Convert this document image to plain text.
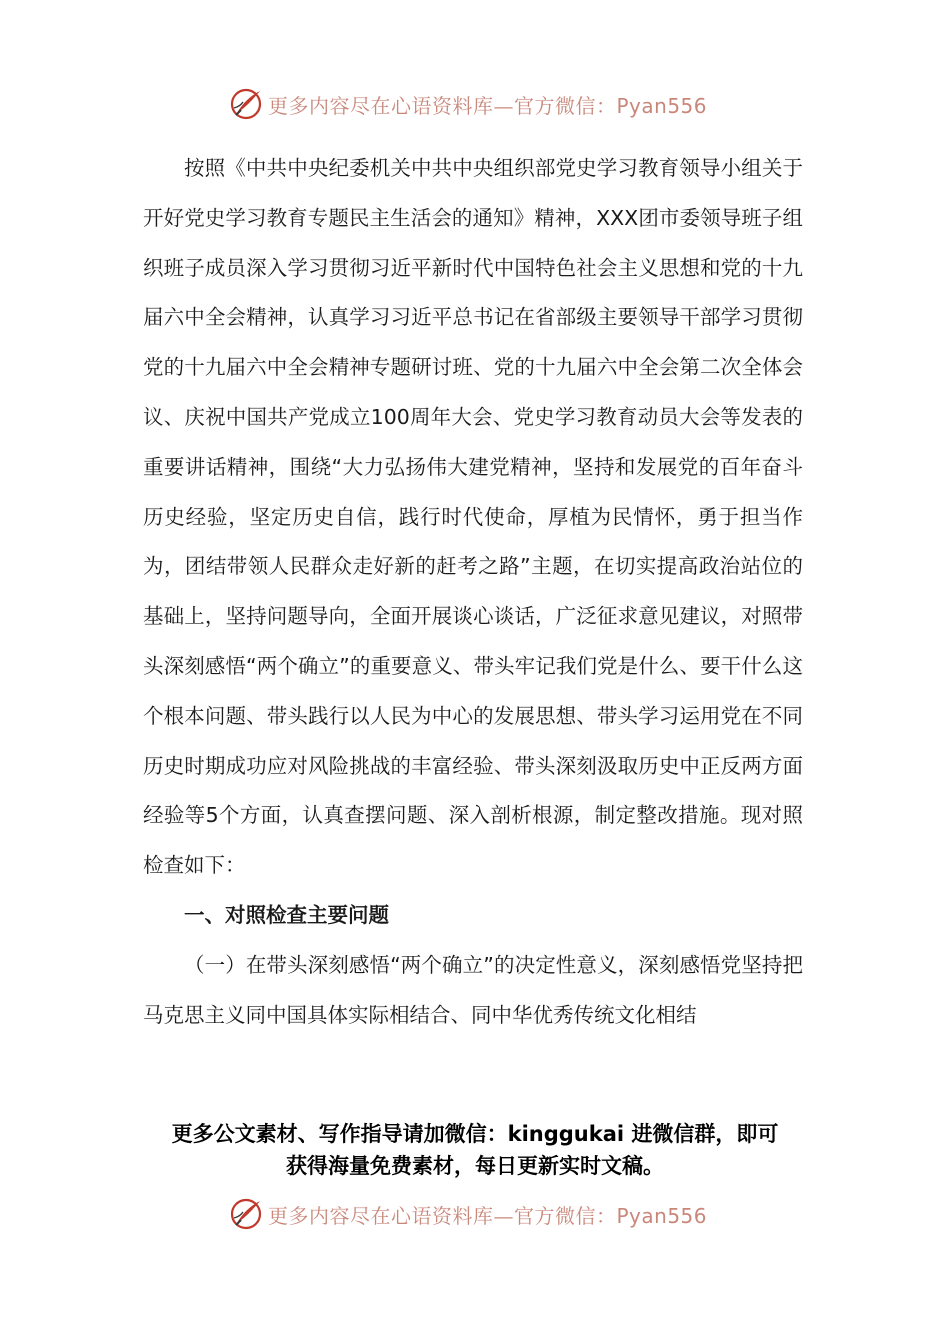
更多内容尽在心语资料库—官方微信：Pyan556

按照《中共中央纪委机关中共中央组织部党史学习教育领导小组关于开好党史学习教育专题民主生活会的通知》精神，XXX团市委领导班子组织班子成员深入学习贯彻习近平新时代中国特色社会主义思想和党的十九届六中全会精神，认真学习习近平总书记在省部级主要领导干部学习贯彻党的十九届六中全会精神专题研讨班、党的十九届六中全会第二次全体会议、庆祝中国共产党成立100周年大会、党史学习教育动员大会等发表的重要讲话精神，围绕“大力弘扬伟大建党精神，坚持和发展党的百年奋斗历史经验，坚定历史自信，践行时代使命，厚植为民情怀，勇于担当作为，团结带领人民群众走好新的赶考之路”主题，在切实提高政治站位的基础上，坚持问题导向，全面开展谈心谈话，广泛征求意见建议，对照带头深刻感悟“两个确立”的重要意义、带头牢记我们党是什么、要干什么这个根本问题、带头践行以人民为中心的发展思想、带头学习运用党在不同历史时期成功应对风险挑战的丰富经验、带头深刻汲取历史中正反两方面经验等5个方面，认真查摆问题、深入剖析根源，制定整改措施。现对照检查如下：

一、对照检查主要问题

（一）在带头深刻感悟“两个确立”的决定性意义，深刻感悟党坚持把马克思主义同中国具体实际相结合、同中华优秀传统文化相结

更多公文素材、写作指导请加微信：kinggukai 进微信群，即可
获得海量免费素材，每日更新实时文稿。
更多内容尽在心语资料库—官方微信：Pyan556
